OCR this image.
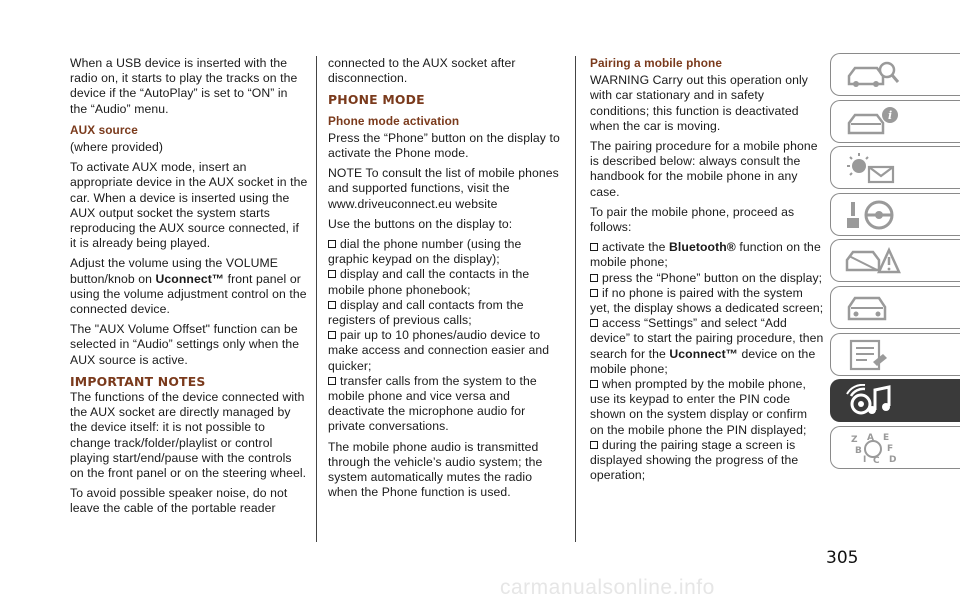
When a USB device is inserted with the radio on, it starts to play the tracks on the device if the “AutoPlay” is set to “ON” in the “Audio” menu.

AUX source

(where provided)

To activate AUX mode, insert an appropriate device in the AUX socket in the car. When a device is inserted using the AUX output socket the system starts reproducing the AUX source connected, if it is already being played.

Adjust the volume using the VOLUME button/knob on Uconnect™ front panel or using the volume adjustment control on the connected device.

The "AUX Volume Offset" function can be selected in “Audio” settings only when the AUX source is active.

IMPORTANT NOTES

The functions of the device connected with the AUX socket are directly managed by the device itself: it is not possible to change track/folder/playlist or control playing start/end/pause with the controls on the front panel or on the steering wheel.

To avoid possible speaker noise, do not leave the cable of the portable reader

connected to the AUX socket after disconnection.

PHONE MODE
Phone mode activation

Press the “Phone” button on the display to activate the Phone mode.

NOTE To consult the list of mobile phones and supported functions, visit the www.driveuconnect.eu website

Use the buttons on the display to:

dial the phone number (using the graphic keypad on the display);
display and call the contacts in the mobile phone phonebook;
display and call contacts from the registers of previous calls;
pair up to 10 phones/audio device to make access and connection easier and quicker;
transfer calls from the system to the mobile phone and vice versa and deactivate the microphone audio for private conversations.

The mobile phone audio is transmitted through the vehicle’s audio system; the system automatically mutes the radio when the Phone function is used.

Pairing a mobile phone

WARNING Carry out this operation only with car stationary and in safety conditions; this function is deactivated when the car is moving.

The pairing procedure for a mobile phone is described below: always consult the handbook for the mobile phone in any case.

To pair the mobile phone, proceed as follows:

activate the Bluetooth® function on the mobile phone;
press the “Phone” button on the display;
if no phone is paired with the system yet, the display shows a dedicated screen;
access “Settings” and select “Add device” to start the pairing procedure, then search for the Uconnect™ device on the mobile phone;
when prompted by the mobile phone, use its keypad to enter the PIN code shown on the system display or confirm on the mobile phone the PIN displayed;
during the pairing stage a screen is displayed showing the progress of the operation;
i
Z A E
B	F
I C D
305
carmanualsonline.info
